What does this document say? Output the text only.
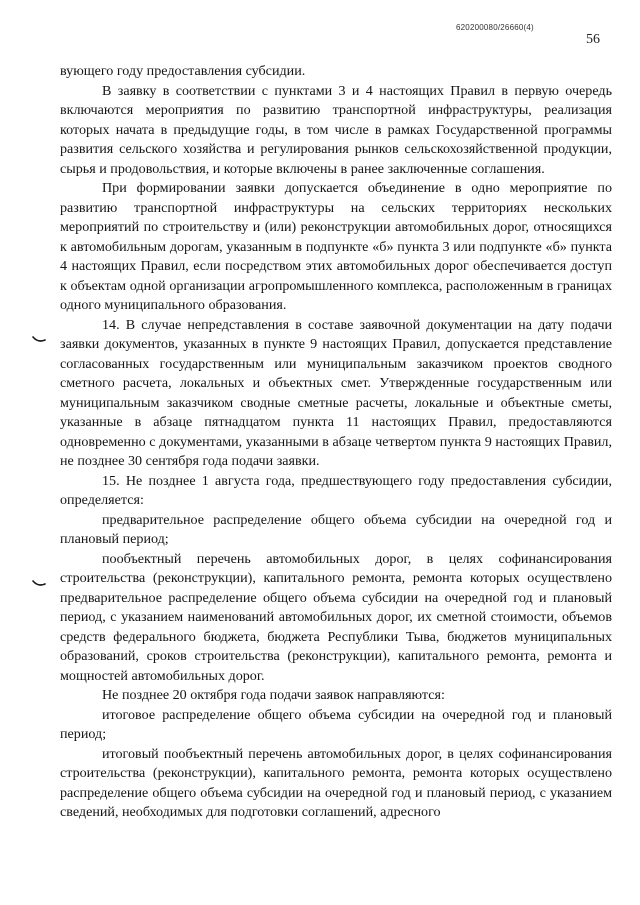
620200080/26660(4)
56

вующего году предоставления субсидии.

В заявку в соответствии с пунктами 3 и 4 настоящих Правил в первую очередь включаются мероприятия по развитию транспортной инфраструктуры, реализация которых начата в предыдущие годы, в том числе в рамках Государственной программы развития сельского хозяйства и регулирования рынков сельскохозяйственной продукции, сырья и продовольствия, и которые включены в ранее заключенные соглашения.

При формировании заявки допускается объединение в одно мероприятие по развитию транспортной инфраструктуры на сельских территориях нескольких мероприятий по строительству и (или) реконструкции автомобильных дорог, относящихся к автомобильным дорогам, указанным в подпункте «б» пункта 3 или подпункте «б» пункта 4 настоящих Правил, если посредством этих автомобильных дорог обеспечивается доступ к объектам одной организации агропромышленного комплекса, расположенным в границах одного муниципального образования.

14. В случае непредставления в составе заявочной документации на дату подачи заявки документов, указанных в пункте 9 настоящих Правил, допускается представление согласованных государственным или муниципальным заказчиком проектов сводного сметного расчета, локальных и объектных смет. Утвержденные государственным или муниципальным заказчиком сводные сметные расчеты, локальные и объектные сметы, указанные в абзаце пятнадцатом пункта 11 настоящих Правил, предоставляются одновременно с документами, указанными в абзаце четвертом пункта 9 настоящих Правил, не позднее 30 сентября года подачи заявки.

15. Не позднее 1 августа года, предшествующего году предоставления субсидии, определяется:

предварительное распределение общего объема субсидии на очередной год и плановый период;

пообъектный перечень автомобильных дорог, в целях софинансирования строительства (реконструкции), капитального ремонта, ремонта которых осуществлено предварительное распределение общего объема субсидии на очередной год и плановый период, с указанием наименований автомобильных дорог, их сметной стоимости, объемов средств федерального бюджета, бюджета Республики Тыва, бюджетов муниципальных образований, сроков строительства (реконструкции), капитального ремонта, ремонта и мощностей автомобильных дорог.

Не позднее 20 октября года подачи заявок направляются:

итоговое распределение общего объема субсидии на очередной год и плановый период;

итоговый пообъектный перечень автомобильных дорог, в целях софинансирования строительства (реконструкции), капитального ремонта, ремонта которых осуществлено распределение общего объема субсидии на очередной год и плановый период, с указанием сведений, необходимых для подготовки соглашений, адресного
